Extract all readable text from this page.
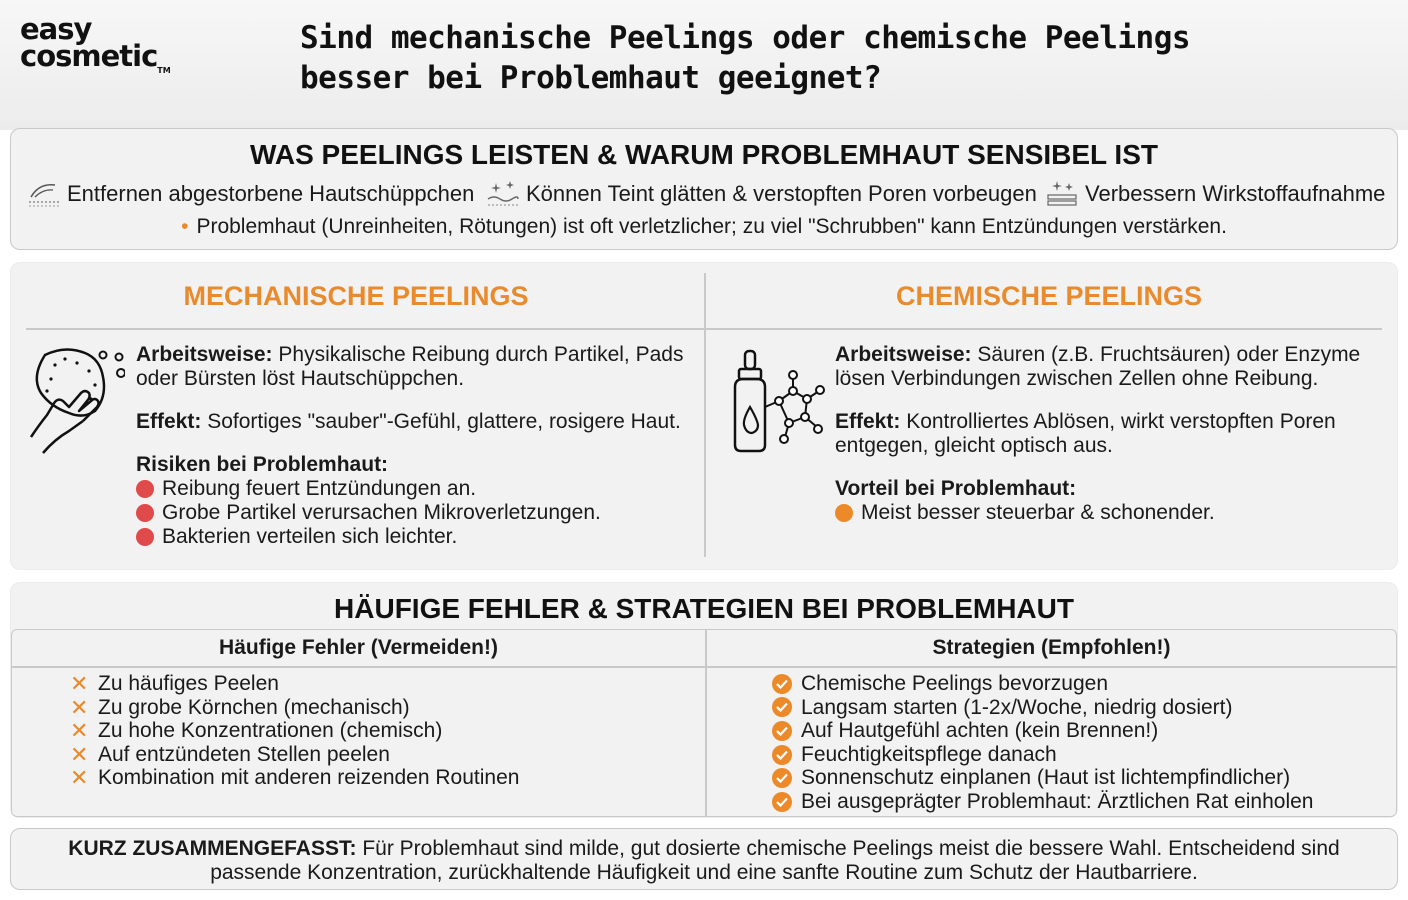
easy
cosmetic™
Sind mechanische Peelings oder chemische Peelings besser bei Problemhaut geeignet?
WAS PEELINGS LEISTEN & WARUM PROBLEMHAUT SENSIBEL IST
Entfernen abgestorbene Hautschüppchen Können Teint glätten & verstopften Poren vorbeugen Verbessern Wirkstoffaufnahme
• Problemhaut (Unreinheiten, Rötungen) ist oft verletzlicher; zu viel "Schrubben" kann Entzündungen verstärken.
MECHANISCHE PEELINGS	CHEMISCHE PEELINGS
Arbeitsweise: Physikalische Reibung durch Partikel, Pads oder Bürsten löst Hautschüppchen.
Effekt: Sofortiges "sauber"-Gefühl, glattere, rosigere Haut.
Risiken bei Problemhaut:
Reibung feuert Entzündungen an.
Grobe Partikel verursachen Mikroverletzungen.
Bakterien verteilen sich leichter.
Arbeitsweise: Säuren (z.B. Fruchtsäuren) oder Enzyme lösen Verbindungen zwischen Zellen ohne Reibung.
Effekt: Kontrolliertes Ablösen, wirkt verstopften Poren entgegen, gleicht optisch aus.
Vorteil bei Problemhaut:
Meist besser steuerbar & schonender.
HÄUFIGE FEHLER & STRATEGIEN BEI PROBLEMHAUT
Häufige Fehler (Vermeiden!)	Strategien (Empfohlen!)
✕ Zu häufiges Peelen
✕ Zu grobe Körnchen (mechanisch)
✕ Zu hohe Konzentrationen (chemisch)
✕ Auf entzündeten Stellen peelen
✕ Kombination mit anderen reizenden Routinen
Chemische Peelings bevorzugen
Langsam starten (1-2x/Woche, niedrig dosiert)
Auf Hautgefühl achten (kein Brennen!)
Feuchtigkeitspflege danach
Sonnenschutz einplanen (Haut ist lichtempfindlicher)
Bei ausgeprägter Problemhaut: Ärztlichen Rat einholen
KURZ ZUSAMMENGEFASST: Für Problemhaut sind milde, gut dosierte chemische Peelings meist die bessere Wahl. Entscheidend sind passende Konzentration, zurückhaltende Häufigkeit und eine sanfte Routine zum Schutz der Hautbarriere.
